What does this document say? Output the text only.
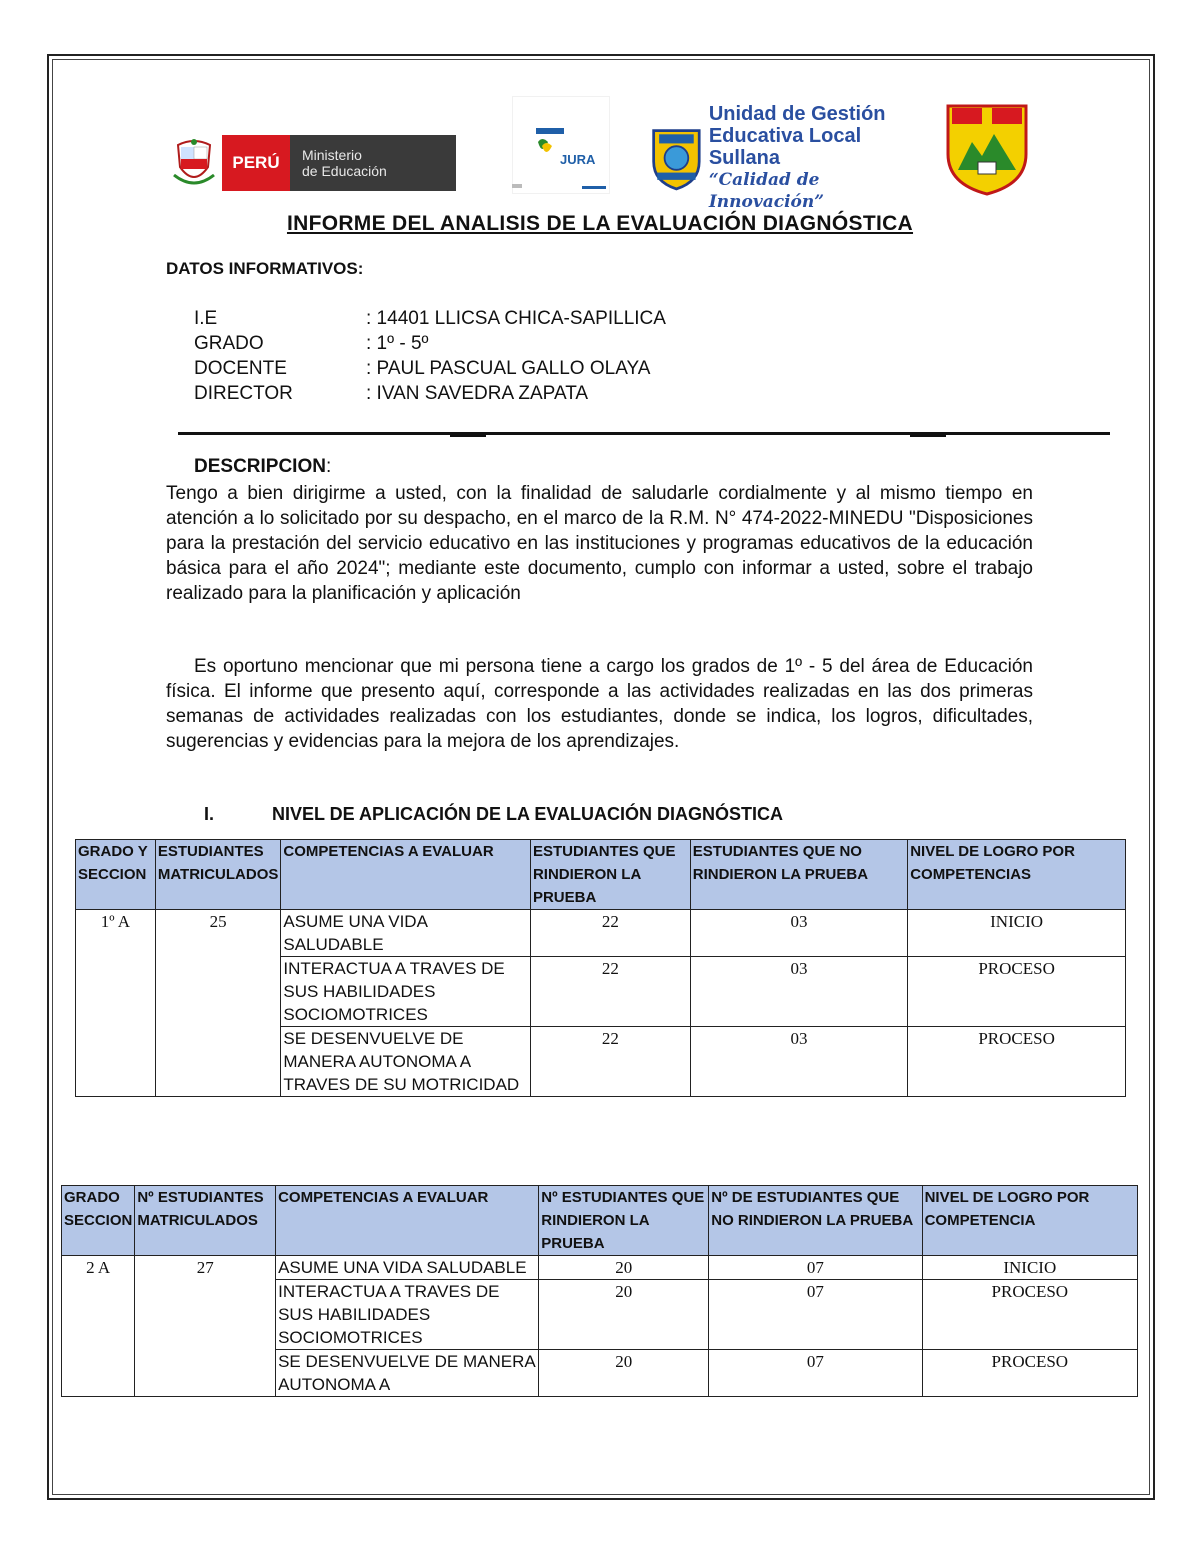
PERÚ	Ministerio
de Educación
JURA
Unidad de Gestión
Educativa Local Sullana
“Calidad de Innovación”
INFORME DEL ANALISIS DE LA EVALUACIÓN DIAGNÓSTICA
DATOS INFORMATIVOS:
I.E	: 14401 LLICSA CHICA-SAPILLICA
GRADO	: 1º - 5º
DOCENTE	: PAUL PASCUAL GALLO OLAYA
DIRECTOR	: IVAN SAVEDRA ZAPATA
DESCRIPCION:
Tengo a bien dirigirme a usted, con la finalidad de saludarle cordialmente y al mismo tiempo en atención a lo solicitado por su despacho, en el marco de la R.M. N° 474-2022-MINEDU "Disposiciones para la prestación del servicio educativo en las instituciones y programas educativos de la educación básica para el año 2024"; mediante este documento, cumplo con informar a usted, sobre el trabajo realizado para la planificación y aplicación
Es oportuno mencionar que mi persona tiene a cargo los grados de 1º - 5 del área de Educación física. El informe que presento aquí, corresponde a las actividades realizadas en las dos primeras semanas de actividades realizadas con los estudiantes, donde se indica, los logros, dificultades, sugerencias y evidencias para la mejora de los aprendizajes.
I.	NIVEL DE APLICACIÓN DE LA EVALUACIÓN DIAGNÓSTICA
GRADO Y SECCION	ESTUDIANTES MATRICULADOS	COMPETENCIAS A EVALUAR	ESTUDIANTES QUE RINDIERON LA PRUEBA	ESTUDIANTES QUE NO RINDIERON LA PRUEBA	NIVEL DE LOGRO POR COMPETENCIAS
1º A	25	ASUME UNA VIDA SALUDABLE	22	03	INICIO
		INTERACTUA A TRAVES DE SUS HABILIDADES SOCIOMOTRICES	22	03	PROCESO
		SE DESENVUELVE DE MANERA AUTONOMA A TRAVES DE SU MOTRICIDAD	22	03	PROCESO
GRADO SECCION	Nº ESTUDIANTES MATRICULADOS	COMPETENCIAS A EVALUAR	Nº ESTUDIANTES QUE RINDIERON LA PRUEBA	Nº DE ESTUDIANTES QUE NO RINDIERON LA PRUEBA	NIVEL DE LOGRO POR COMPETENCIA
2 A	27	ASUME UNA VIDA SALUDABLE	20	07	INICIO
		INTERACTUA A TRAVES DE SUS HABILIDADES SOCIOMOTRICES	20	07	PROCESO
		SE DESENVUELVE DE MANERA AUTONOMA A	20	07	PROCESO
